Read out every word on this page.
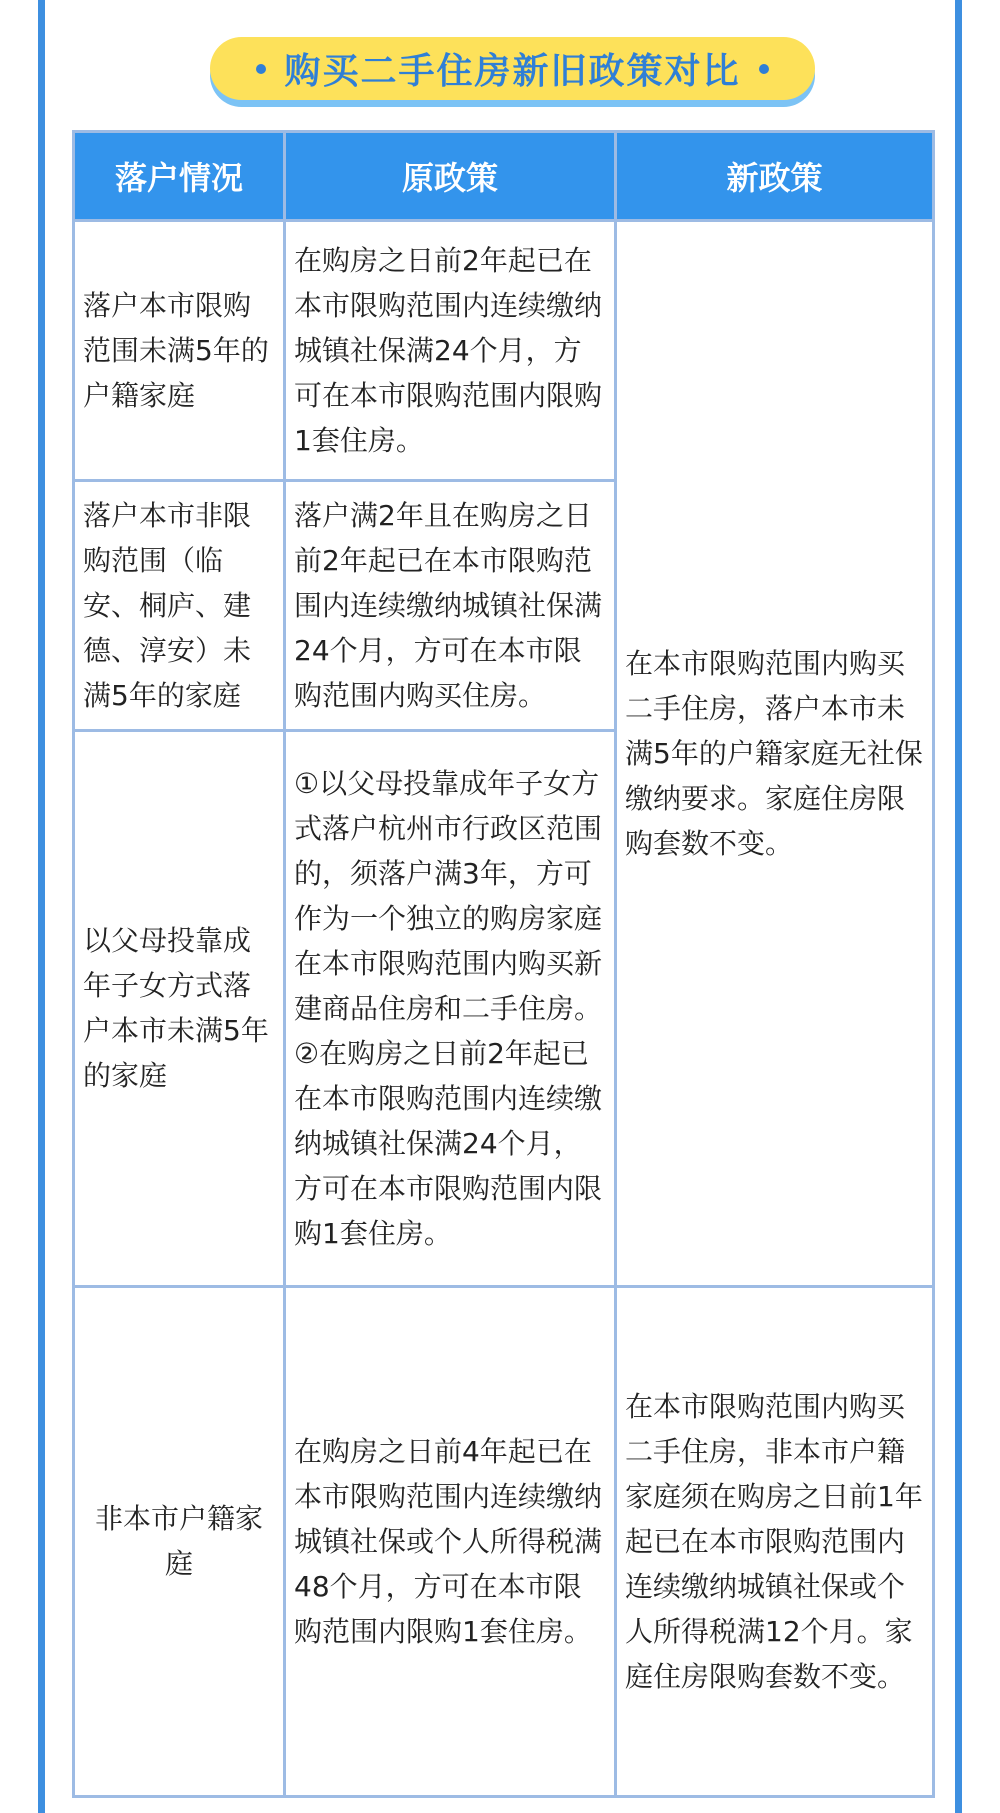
购买二手住房新旧政策对比
落户情况	原政策	新政策
落户本市限购范围未满5年的户籍家庭	在购房之日前2年起已在本市限购范围内连续缴纳城镇社保满24个月，方可在本市限购范围内限购1套住房。	在本市限购范围内购买二手住房，落户本市未满5年的户籍家庭无社保缴纳要求。家庭住房限购套数不变。
落户本市非限购范围（临安、桐庐、建德、淳安）未满5年的家庭	落户满2年且在购房之日前2年起已在本市限购范围内连续缴纳城镇社保满24个月，方可在本市限购范围内购买住房。	
以父母投靠成年子女方式落户本市未满5年的家庭	①以父母投靠成年子女方式落户杭州市行政区范围的，须落户满3年，方可作为一个独立的购房家庭在本市限购范围内购买新建商品住房和二手住房。②在购房之日前2年起已在本市限购范围内连续缴纳城镇社保满24个月，方可在本市限购范围内限购1套住房。	
非本市户籍家庭	在购房之日前4年起已在本市限购范围内连续缴纳城镇社保或个人所得税满48个月，方可在本市限购范围内限购1套住房。	在本市限购范围内购买二手住房，非本市户籍家庭须在购房之日前1年起已在本市限购范围内连续缴纳城镇社保或个人所得税满12个月。家庭住房限购套数不变。
